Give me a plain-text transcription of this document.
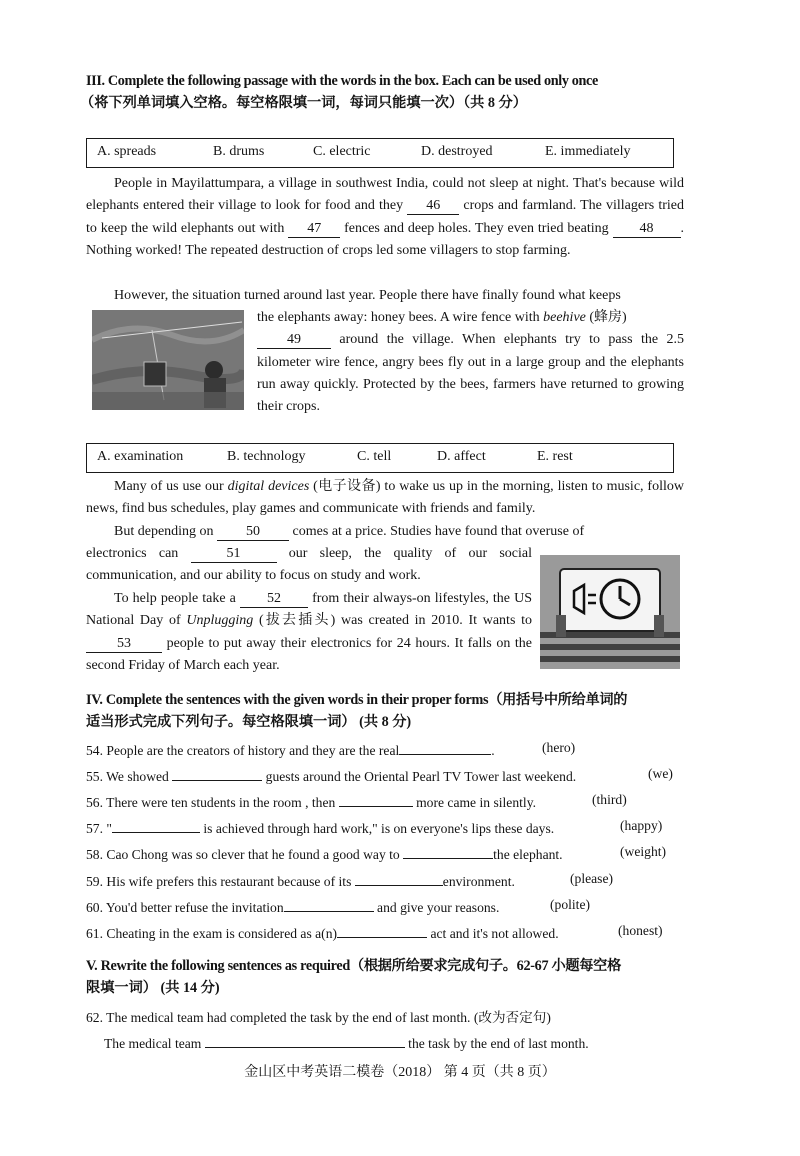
III. Complete the following passage with the words in the box. Each can be used only once
（将下列单词填入空格。每空格限填一词，每词只能填一次）（共 8 分）
A. spreads	B. drums	C. electric	D. destroyed	E. immediately

People in Mayilattumpara, a village in southwest India, could not sleep at night. That's because wild elephants entered their village to look for food and they 46 crops and farmland. The villagers tried to keep the wild elephants out with 47 fences and deep holes. They even tried beating 48 . Nothing worked! The repeated destruction of crops led some villagers to stop farming.

However, the situation turned around last year. People there have finally found what keeps

the elephants away: honey bees. A wire fence with beehive (蜂房)
49 around the village. When elephants try to pass the 2.5 kilometer wire fence, angry bees fly out in a large group and the elephants run away quickly. Protected by the bees, farmers have returned to growing their crops.

A. examination	B. technology	C. tell	D. affect	E. rest

Many of us use our digital devices (电子设备) to wake us up in the morning, listen to music, follow news, find bus schedules, play games and communicate with friends and family.

But depending on 50 comes at a price. Studies have found that overuse of

electronics can	51	our sleep, the quality of our social communication, and our ability to focus on study and work.

To help people take a 52 from their always-on lifestyles, the US National Day of Unplugging (拔去插头) was created in 2010. It wants to 53 people to put away their electronics for 24 hours. It falls on the second Friday of March each year.

IV. Complete the sentences with the given words in their proper forms（用括号中所给单词的
适当形式完成下列句子。每空格限填一词） (共 8 分)
54. People are the creators of history and they are the real	.	(hero)
55. We showed	guests around the Oriental Pearl TV Tower last weekend.	(we)
56. There were ten students in the room , then	more came in silently.	(third)
57. "	is achieved through hard work," is on everyone's lips these days.	(happy)
58. Cao Chong was so clever that he found a good way to	the elephant.	(weight)
59. His wife prefers this restaurant because of its	environment.	(please)
60. You'd better refuse the invitation	and give your reasons.	(polite)
61. Cheating in the exam is considered as a(n)	act and it's not allowed.	(honest)
V. Rewrite the following sentences as required（根据所给要求完成句子。62-67 小题每空格
限填一词） (共 14 分)
62. The medical team had completed the task by the end of last month. (改为否定句)
The medical team	the task by the end of last month.
金山区中考英语二模卷（2018） 第 4 页（共 8 页）
